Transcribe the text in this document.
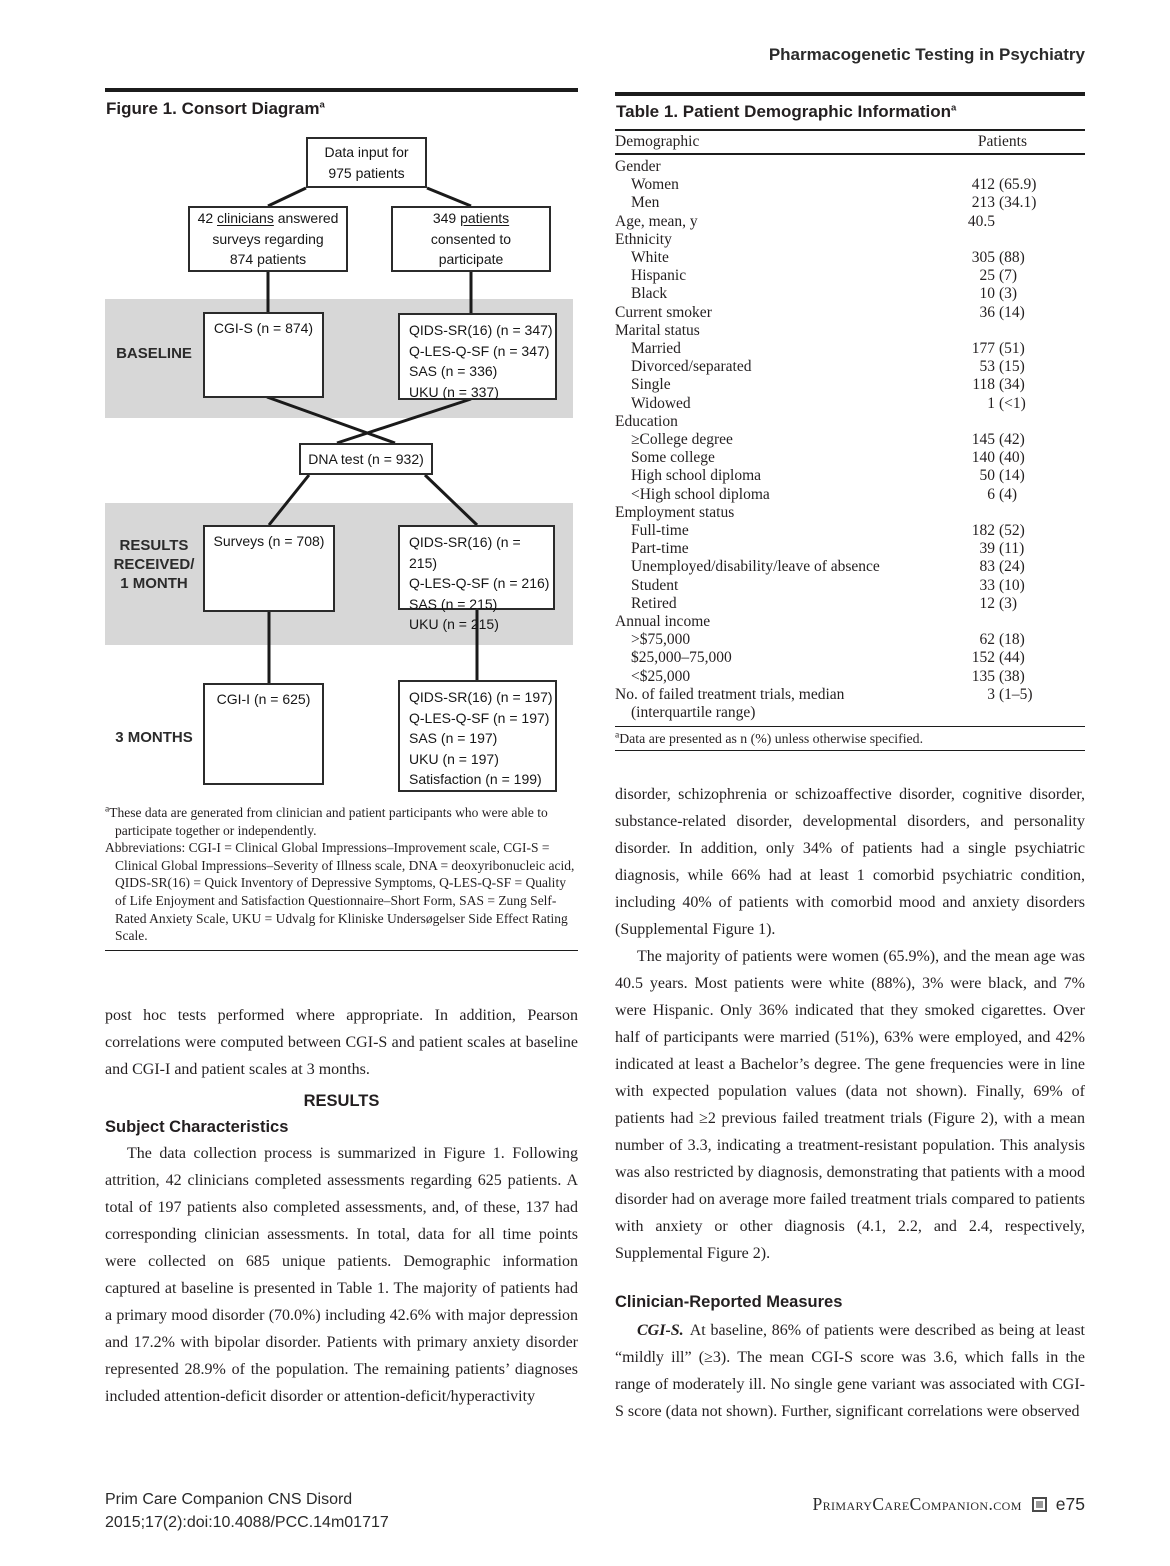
Pharmacogenetic Testing in Psychiatry
Figure 1. Consort Diagram$^a$
BASELINE
RESULTS
RECEIVED/
1 MONTH
3 MONTHS
Data input for
975 patients
42 clinicians answered
surveys regarding
874 patients
349 patients
consented to
participate
CGI-S (n = 874)	QIDS-SR(16) (n = 347)
Q-LES-Q-SF (n = 347)
SAS (n = 336)
UKU (n = 337)
DNA test (n = 932)
Surveys (n = 708)	QIDS-SR(16) (n = 215)
Q-LES-Q-SF (n = 216)
SAS (n = 215)
UKU (n = 215)
CGI-I (n = 625)	QIDS-SR(16) (n = 197)
Q-LES-Q-SF (n = 197)
SAS (n = 197)
UKU (n = 197)
Satisfaction (n = 199)

$^a$These data are generated from clinician and patient participants who were able to participate together or independently.

Abbreviations: CGI-I = Clinical Global Impressions–Improvement scale, CGI-S = Clinical Global Impressions–Severity of Illness scale, DNA = deoxyribonucleic acid, QIDS-SR(16) = Quick Inventory of Depressive Symptoms, Q-LES-Q-SF = Quality of Life Enjoyment and Satisfaction Questionnaire–Short Form, SAS = Zung Self-Rated Anxiety Scale, UKU = Udvalg for Kliniske Undersøgelser Side Effect Rating Scale.

post hoc tests performed where appropriate. In addition, Pearson correlations were computed between CGI-S and patient scales at baseline and CGI-I and patient scales at 3 months.

RESULTS
Subject Characteristics

The data collection process is summarized in Figure 1. Following attrition, 42 clinicians completed assessments regarding 625 patients. A total of 197 patients also completed assessments, and, of these, 137 had corresponding clinician assessments. In total, data for all time points were collected on 685 unique patients. Demographic information captured at baseline is presented in Table 1. The majority of patients had a primary mood disorder (70.0%) including 42.6% with major depression and 17.2% with bipolar disorder. Patients with primary anxiety disorder represented 28.9% of the population. The remaining patients’ diagnoses included attention-deficit disorder or attention-deficit/hyperactivity

Table 1. Patient Demographic Information$^a$
Demographic	Patients
Gender
Women	412 (65.9)
Men	213 (34.1)
Age, mean, y	40.5
Ethnicity
White	305 (88)
Hispanic	25 (7)
Black	10 (3)
Current smoker	36 (14)
Marital status
Married	177 (51)
Divorced/separated	53 (15)
Single	118 (34)
Widowed	1 (<1)
Education
≥College degree	145 (42)
Some college	140 (40)
High school diploma	50 (14)
<High school diploma	6 (4)
Employment status
Full-time	182 (52)
Part-time	39 (11)
Unemployed/disability/leave of absence	83 (24)
Student	33 (10)
Retired	12 (3)
Annual income
>$75,000	62 (18)
$25,000–75,000	152 (44)
<$25,000	135 (38)
No. of failed treatment trials, median	3 (1–5)
(interquartile range)

$^a$Data are presented as n (%) unless otherwise specified.

disorder, schizophrenia or schizoaffective disorder, cognitive disorder, substance-related disorder, developmental disorders, and personality disorder. In addition, only 34% of patients had a single psychiatric diagnosis, while 66% had at least 1 comorbid psychiatric condition, including 40% of patients with comorbid mood and anxiety disorders (Supplemental Figure 1).

The majority of patients were women (65.9%), and the mean age was 40.5 years. Most patients were white (88%), 3% were black, and 7% were Hispanic. Only 36% indicated that they smoked cigarettes. Over half of participants were married (51%), 63% were employed, and 42% indicated at least a Bachelor’s degree. The gene frequencies were in line with expected population values (data not shown). Finally, 69% of patients had ≥2 previous failed treatment trials (Figure 2), with a mean number of 3.3, indicating a treatment-resistant population. This analysis was also restricted by diagnosis, demonstrating that patients with a mood disorder had on average more failed treatment trials compared to patients with anxiety or other diagnosis (4.1, 2.2, and 2.4, respectively, Supplemental Figure 2).

Clinician-Reported Measures

CGI-S. At baseline, 86% of patients were described as being at least “mildly ill” (≥3). The mean CGI-S score was 3.6, which falls in the range of moderately ill. No single gene variant was associated with CGI-S score (data not shown). Further, significant correlations were observed

Prim Care Companion CNS Disord
2015;17(2):doi:10.4088/PCC.14m01717
PrimaryCareCompanion.com e75
